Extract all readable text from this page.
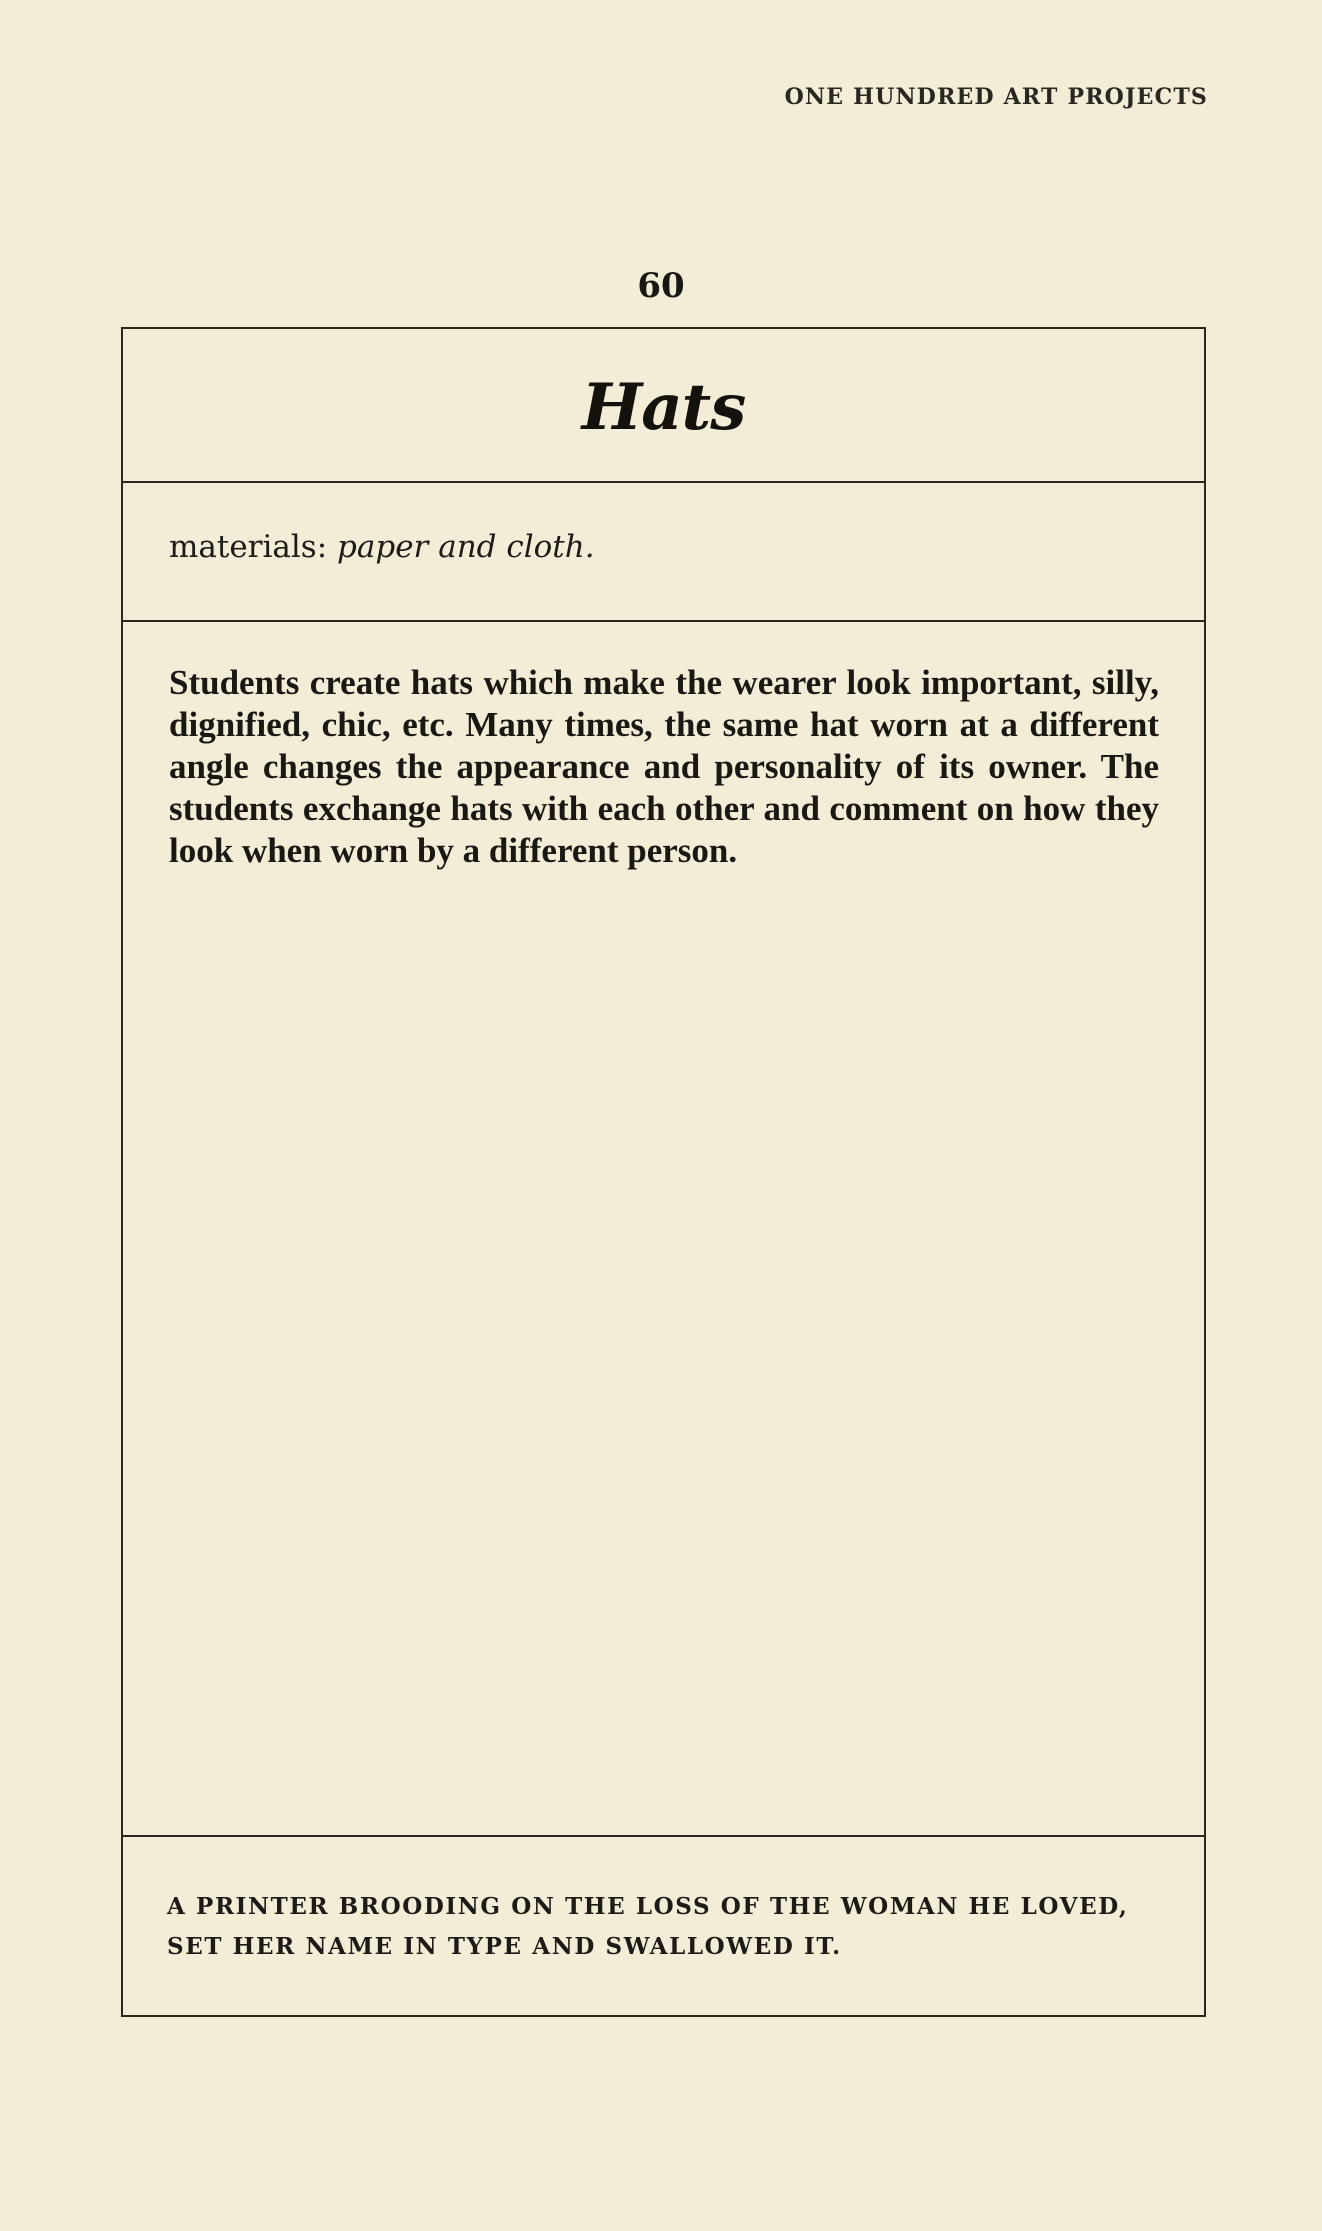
ONE HUNDRED ART PROJECTS
60
Hats
materials: paper and cloth.

Students create hats which make the wearer look important, silly, dignified, chic, etc. Many times, the same hat worn at a different angle changes the appearance and personality of its owner. The students exchange hats with each other and comment on how they look when worn by a different person.

A PRINTER BROODING ON THE LOSS OF THE WOMAN HE LOVED, SET HER NAME IN TYPE AND SWALLOWED IT.
